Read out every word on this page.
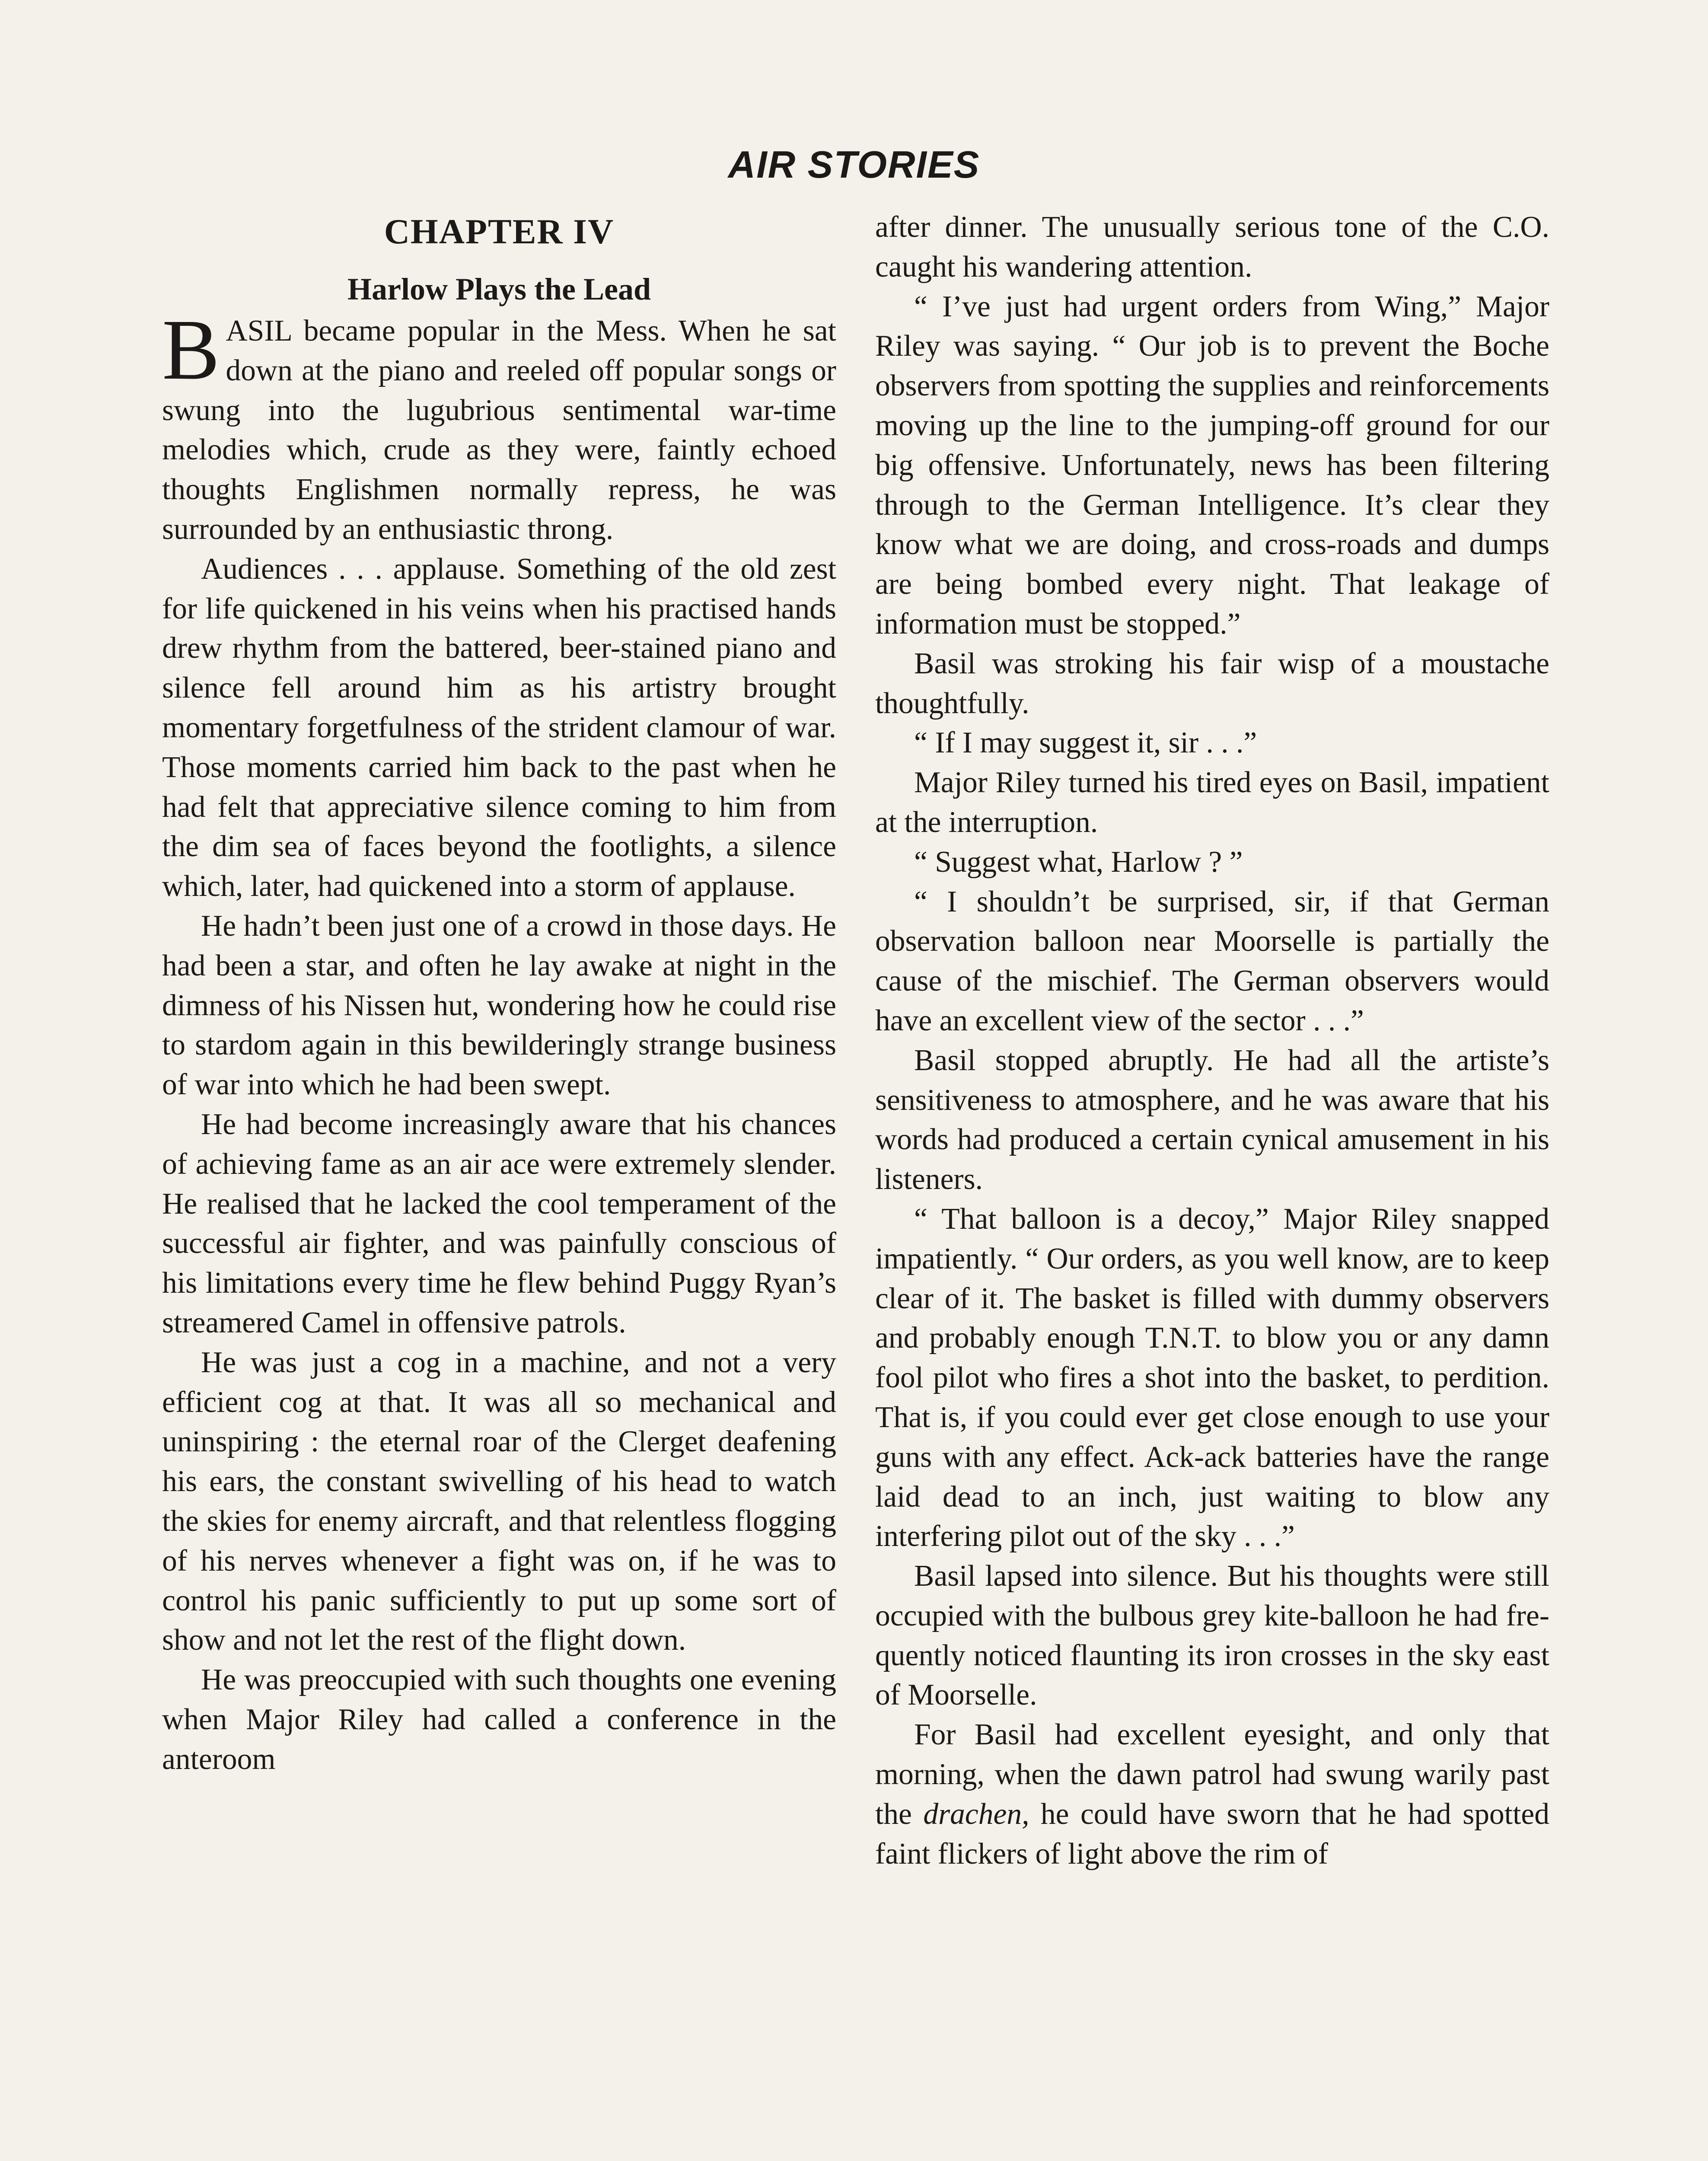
AIR STORIES
CHAPTER IV
Harlow Plays the Lead

BASIL became popular in the Mess. When he sat down at the piano and reeled off popular songs or swung into the lugubrious sentimental war-time melodies which, crude as they were, faintly echoed thoughts Englishmen normally repress, he was surrounded by an enthusiastic throng.

Audiences . . . applause. Something of the old zest for life quickened in his veins when his practised hands drew rhythm from the battered, beer-stained piano and silence fell around him as his artistry brought momentary forgetfulness of the strident clamour of war. Those moments carried him back to the past when he had felt that appreciative silence coming to him from the dim sea of faces beyond the footlights, a silence which, later, had quickened into a storm of applause.

He hadn’t been just one of a crowd in those days. He had been a star, and often he lay awake at night in the dimness of his Nissen hut, wondering how he could rise to stardom again in this bewilderingly strange business of war into which he had been swept.

He had become increasingly aware that his chances of achieving fame as an air ace were extremely slender. He realised that he lacked the cool temperament of the successful air fighter, and was painfully conscious of his limitations every time he flew behind Puggy Ryan’s streamered Camel in offensive patrols.

He was just a cog in a machine, and not a very efficient cog at that. It was all so mechanical and uninspiring : the eternal roar of the Clerget deafening his ears, the constant swivelling of his head to watch the skies for enemy aircraft, and that relentless flogging of his nerves whenever a fight was on, if he was to control his panic sufficiently to put up some sort of show and not let the rest of the flight down.

He was preoccupied with such thoughts one evening when Major Riley had called a conference in the anteroom

after dinner. The unusually serious tone of the C.O. caught his wandering attention.

“ I’ve just had urgent orders from Wing,” Major Riley was saying. “ Our job is to prevent the Boche observers from spotting the supplies and reinforcements moving up the line to the jumping-off ground for our big offensive. Unfortunately, news has been filtering through to the German Intelligence. It’s clear they know what we are doing, and cross-roads and dumps are being bombed every night. That leakage of information must be stopped.”

Basil was stroking his fair wisp of a moustache thoughtfully.

“ If I may suggest it, sir . . .”

Major Riley turned his tired eyes on Basil, impatient at the interruption.

“ Suggest what, Harlow ? ”

“ I shouldn’t be surprised, sir, if that German observation balloon near Moorselle is partially the cause of the mischief. The German observers would have an excellent view of the sector . . .”

Basil stopped abruptly. He had all the artiste’s sensitiveness to atmosphere, and he was aware that his words had produced a certain cynical amusement in his listeners.

“ That balloon is a decoy,” Major Riley snapped impatiently. “ Our orders, as you well know, are to keep clear of it. The basket is filled with dummy observers and probably enough T.N.T. to blow you or any damn fool pilot who fires a shot into the basket, to perdition. That is, if you could ever get close enough to use your guns with any effect. Ack-ack batteries have the range laid dead to an inch, just waiting to blow any interfering pilot out of the sky . . .”

Basil lapsed into silence. But his thoughts were still occupied with the bulbous grey kite-balloon he had frequently noticed flaunting its iron crosses in the sky east of Moorselle.

For Basil had excellent eyesight, and only that morning, when the dawn patrol had swung warily past the drachen, he could have sworn that he had spotted faint flickers of light above the rim of
